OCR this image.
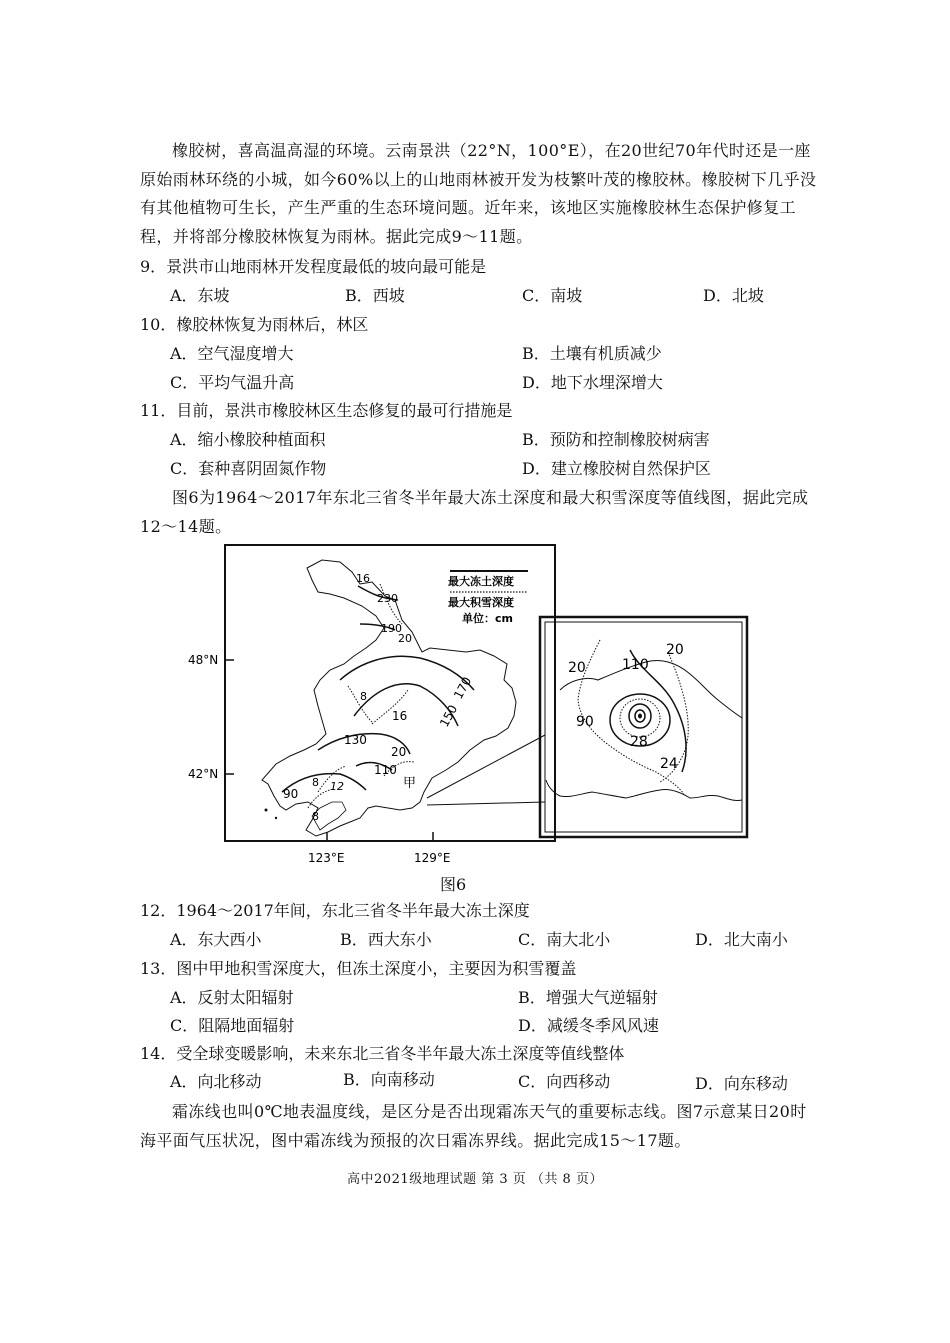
橡胶树，喜高温高湿的环境。云南景洪（22°N，100°E），在20世纪70年代时还是一座原始雨林环绕的小城，如今60%以上的山地雨林被开发为枝繁叶茂的橡胶林。橡胶树下几乎没有其他植物可生长，产生严重的生态环境问题。近年来，该地区实施橡胶林生态保护修复工程，并将部分橡胶林恢复为雨林。据此完成9～11题。

9．景洪市山地雨林开发程度最低的坡向最可能是
A．东坡	B．西坡	C．南坡	D．北坡
10．橡胶林恢复为雨林后，林区
A．空气湿度增大	B．土壤有机质减少
C．平均气温升高	D．地下水埋深增大
11．目前，景洪市橡胶林区生态修复的最可行措施是
A．缩小橡胶种植面积	B．预防和控制橡胶树病害
C．套种喜阴固氮作物	D．建立橡胶树自然保护区

图6为1964～2017年东北三省冬半年最大冻土深度和最大积雪深度等值线图，据此完成12～14题。

最大冻土深度
最大积雪深度
单位：cm
16
230
190
20
170
8
150
16
130
20
110
8 12
90
8
甲
48°N
42°N
123°E	129°E
20	110
20
90
28
24
图6
12．1964～2017年间，东北三省冬半年最大冻土深度
A．东大西小	B．西大东小	C．南大北小	D．北大南小
13．图中甲地积雪深度大，但冻土深度小，主要因为积雪覆盖
A．反射太阳辐射	B．增强大气逆辐射
C．阻隔地面辐射	D．减缓冬季风风速
14．受全球变暖影响，未来东北三省冬半年最大冻土深度等值线整体
A．向北移动	B．向南移动	C．向西移动	D．向东移动

霜冻线也叫0℃地表温度线，是区分是否出现霜冻天气的重要标志线。图7示意某日20时海平面气压状况，图中霜冻线为预报的次日霜冻界线。据此完成15～17题。

高中2021级地理试题 第 3 页 （共 8 页）
